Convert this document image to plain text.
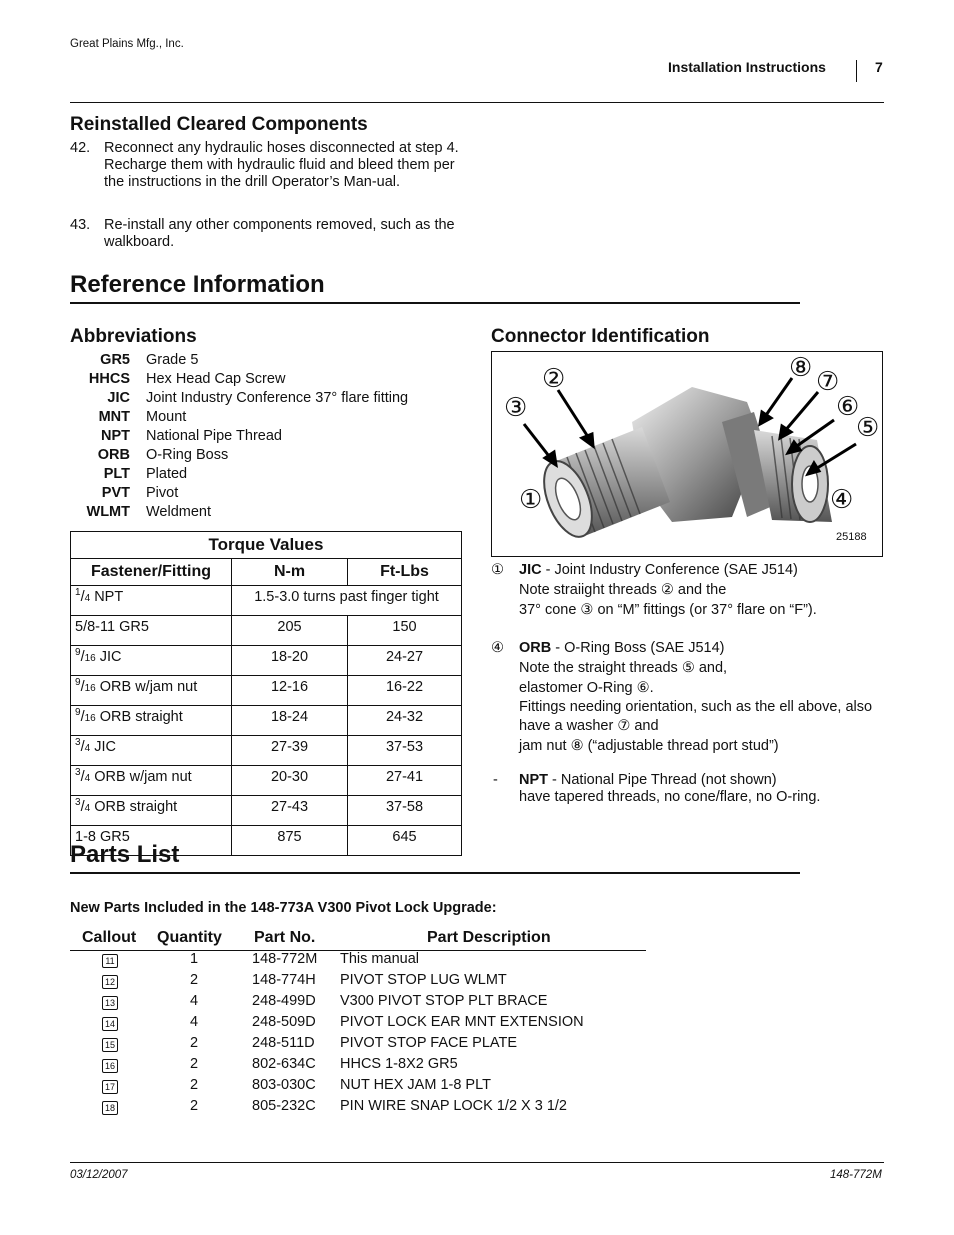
Great Plains Mfg., Inc.
Installation Instructions	7
Reinstalled Cleared Components
42. Reconnect any hydraulic hoses disconnected at step 4. Recharge them with hydraulic fluid and bleed them per the instructions in the drill Operator’s Man-ual.
43. Re-install any other components removed, such as the walkboard.
Reference Information
Abbreviations
GR5 Grade 5
HHCS Hex Head Cap Screw
JIC Joint Industry Conference 37° flare fitting
MNT Mount
NPT National Pipe Thread
ORB O-Ring Boss
PLT Plated
PVT Pivot
WLMT Weldment
Torque Values		
Fastener/Fitting	N-m	Ft-Lbs
$^1$/4 NPT	1.5-3.0 turns past finger tight	
5/8-11 GR5	205	150
$^9$/16 JIC	18-20	24-27
$^9$/16 ORB w/jam nut	12-16	16-22
$^9$/16 ORB straight	18-24	24-32
$^3$/4 JIC	27-39	37-53
$^3$/4 ORB w/jam nut	20-30	27-41
$^3$/4 ORB straight	27-43	37-58
1-8 GR5	875	645
Connector Identification
②
③
①
⑧ ⑦
⑥
⑤
④
25188
① JIC - Joint Industry Conference (SAE J514)
Note straiight threads ② and the
37° cone ③ on “M” fittings (or 37° flare on “F”).
④ ORB - O-Ring Boss (SAE J514)
Note the straight threads ⑤ and,
elastomer O-Ring ⑥.
Fittings needing orientation, such as the ell above, also have a washer ⑦ and
jam nut ⑧ (“adjustable thread port stud”)
- NPT - National Pipe Thread (not shown)
have tapered threads, no cone/flare, no O-ring.
Parts List
New Parts Included in the 148-773A V300 Pivot Lock Upgrade:
Callout Quantity Part No.	Part Description
11	1	148-772M This manual
12	2	148-774H PIVOT STOP LUG WLMT
13	4	248-499D V300 PIVOT STOP PLT BRACE
14	4	248-509D PIVOT LOCK EAR MNT EXTENSION
15	2	248-511D PIVOT STOP FACE PLATE
16	2	802-634C HHCS 1-8X2 GR5
17	2	803-030C NUT HEX JAM 1-8 PLT
18	2	805-232C PIN WIRE SNAP LOCK 1/2 X 3 1/2
03/12/2007	148-772M
